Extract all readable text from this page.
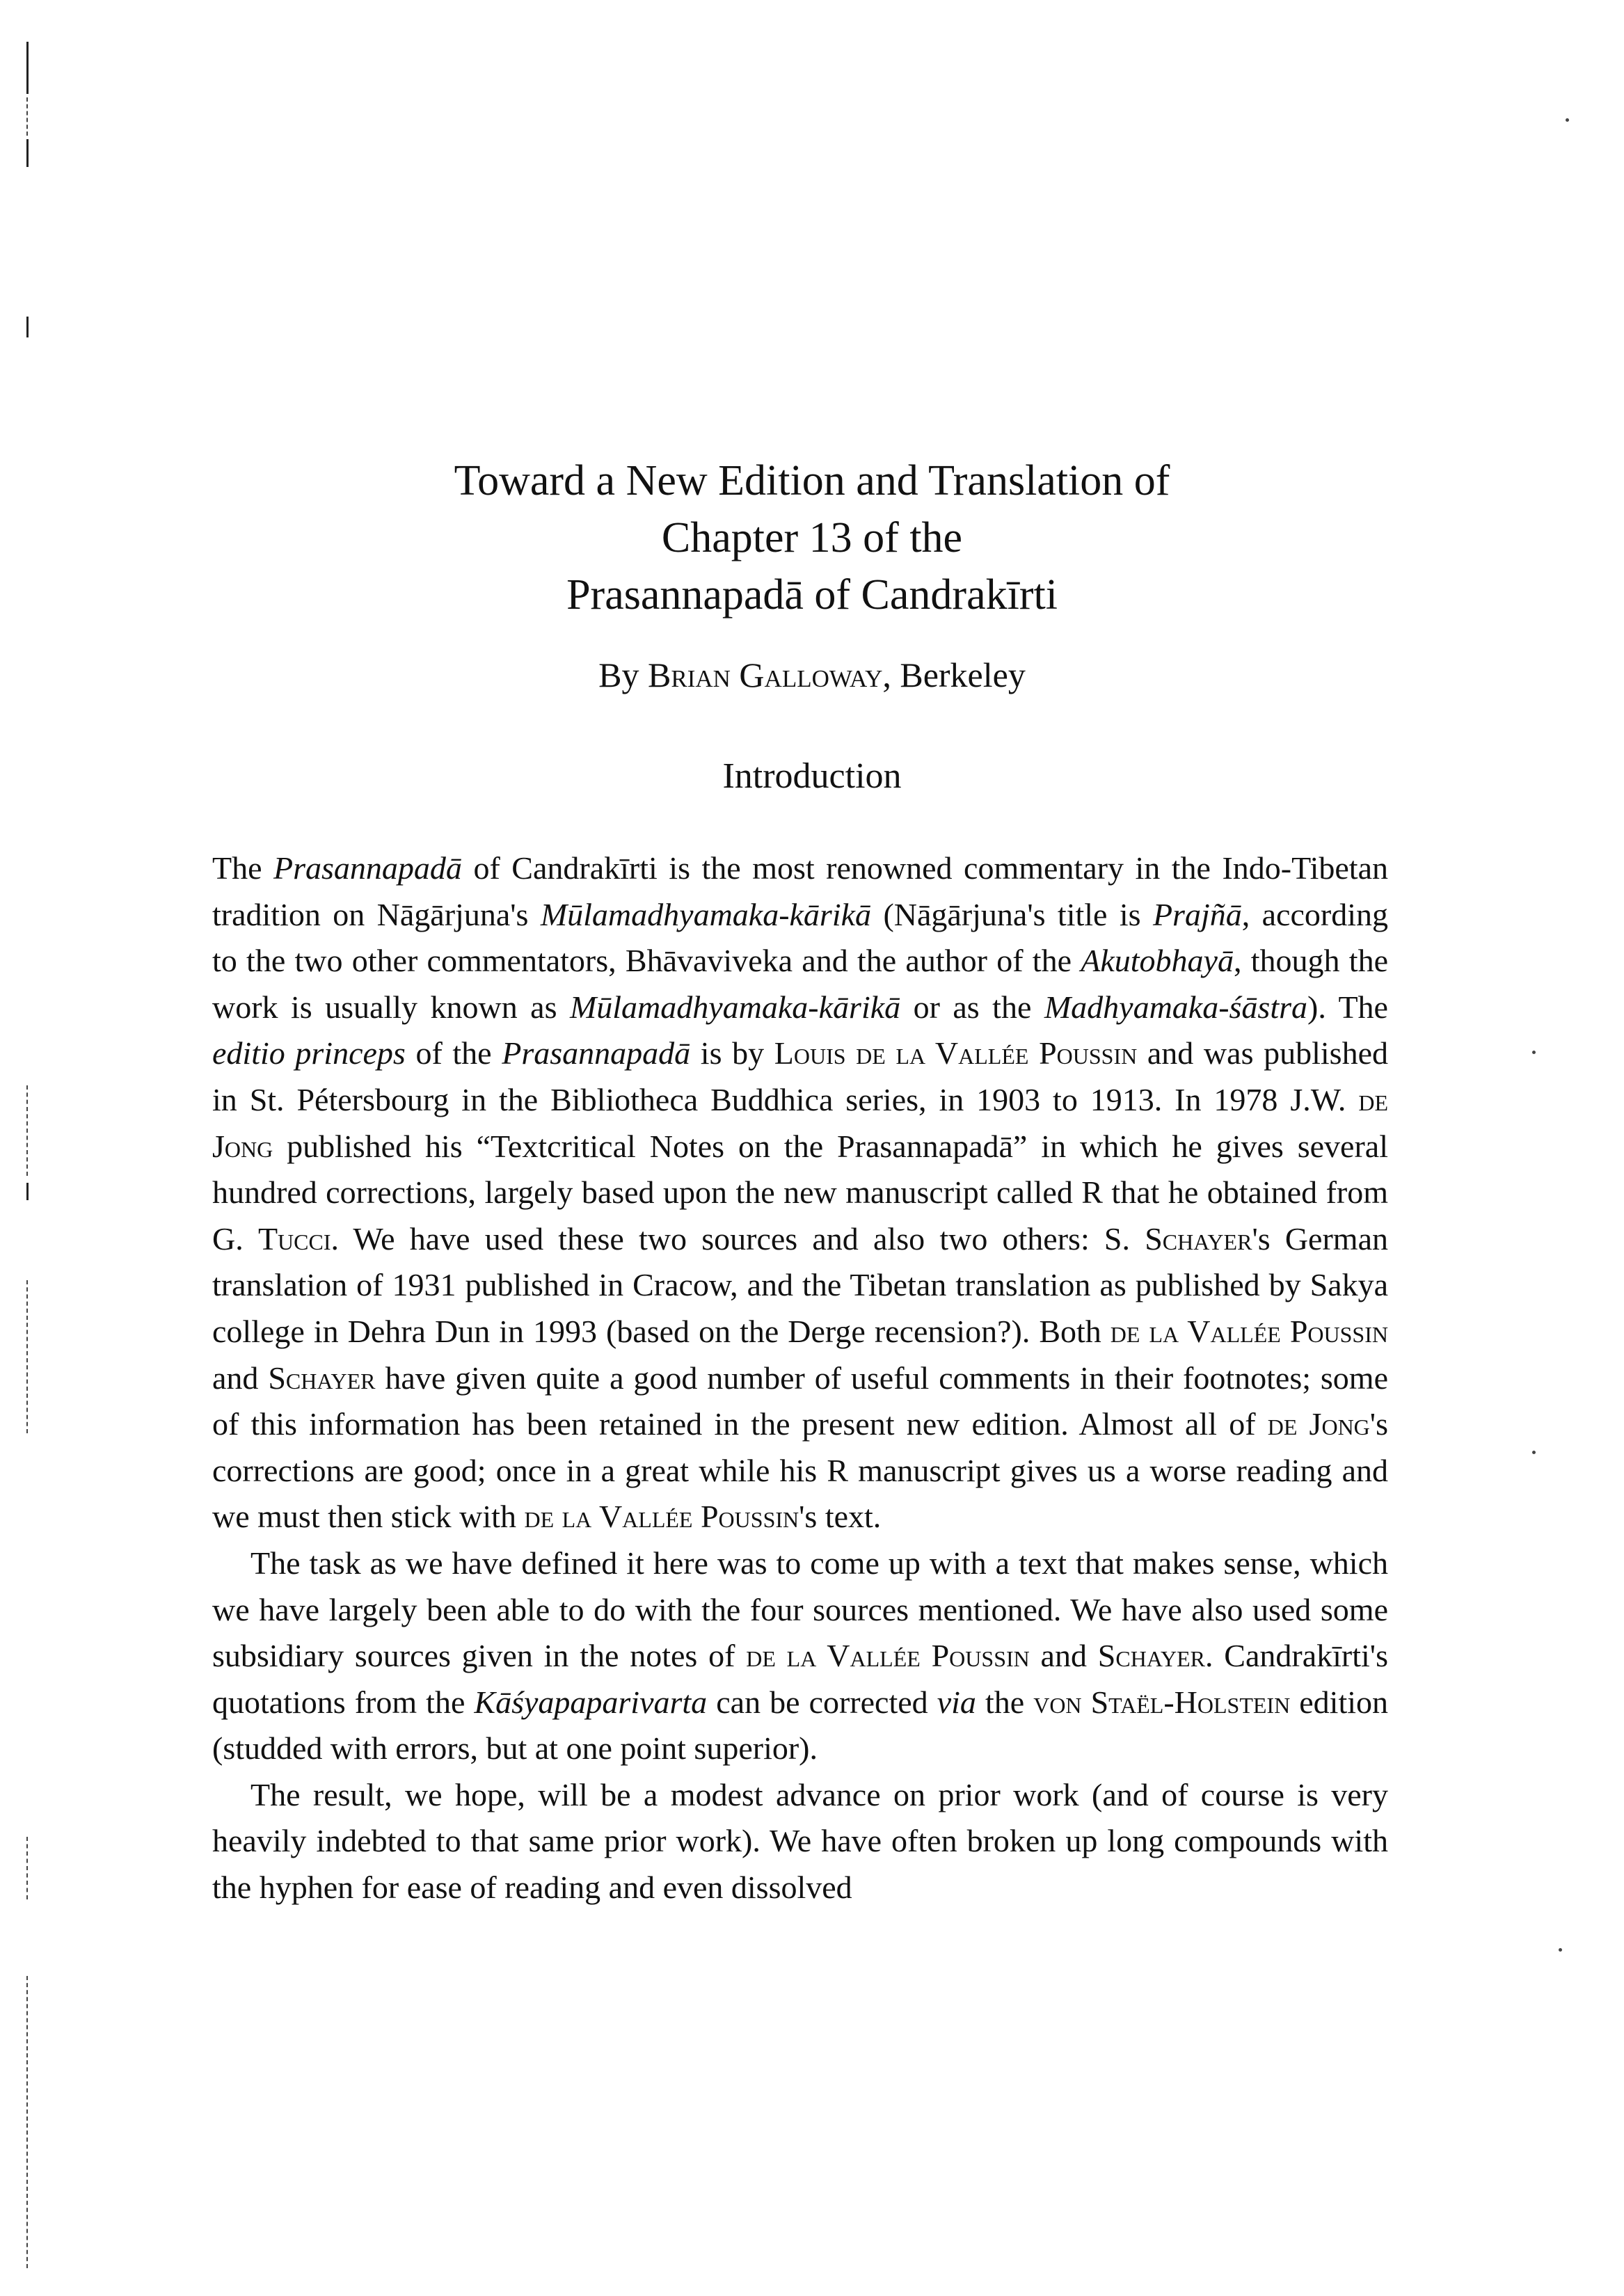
Toward a New Edition and Translation of
Chapter 13 of the
Prasannapadā of Candrakīrti
By Brian Galloway, Berkeley
Introduction

The Prasannapadā of Candrakīrti is the most renowned commentary in the Indo-Tibetan tradition on Nāgārjuna's Mūlamadhyamaka-kārikā (Nāgārjuna's title is Prajñā, according to the two other commentators, Bhāvaviveka and the author of the Akutobhayā, though the work is usually known as Mūlamadhyamaka-kārikā or as the Madhyamaka-śāstra). The editio princeps of the Prasannapadā is by Louis de la Vallée Poussin and was published in St. Pétersbourg in the Bibliotheca Buddhica series, in 1903 to 1913. In 1978 J.W. de Jong published his “Textcritical Notes on the Prasannapadā” in which he gives several hundred corrections, largely based upon the new manuscript called R that he obtained from G. Tucci. We have used these two sources and also two others: S. Schayer's German translation of 1931 published in Cracow, and the Tibetan translation as published by Sakya college in Dehra Dun in 1993 (based on the Derge recension?). Both de la Vallée Poussin and Schayer have given quite a good number of useful comments in their footnotes; some of this information has been retained in the present new edition. Almost all of de Jong's corrections are good; once in a great while his R manuscript gives us a worse reading and we must then stick with de la Vallée Poussin's text.

The task as we have defined it here was to come up with a text that makes sense, which we have largely been able to do with the four sources mentioned. We have also used some subsidiary sources given in the notes of de la Vallée Poussin and Schayer. Candrakīrti's quotations from the Kāśyapaparivarta can be corrected via the von Staël-Holstein edition (studded with errors, but at one point superior).

The result, we hope, will be a modest advance on prior work (and of course is very heavily indebted to that same prior work). We have often broken up long compounds with the hyphen for ease of reading and even dissolved
